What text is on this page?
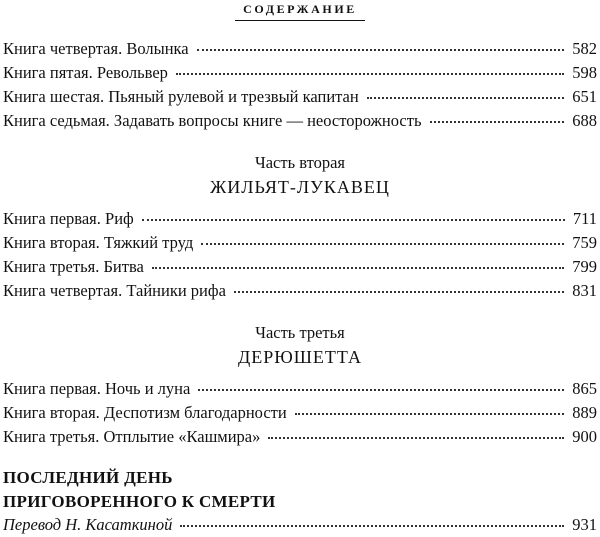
СОДЕРЖАНИЕ
Книга четвертая. Волынка	582
Книга пятая. Револьвер	598
Книга шестая. Пьяный рулевой и трезвый капитан	651
Книга седьмая. Задавать вопросы книге — неосторожность	688
Часть вторая
ЖИЛЬЯТ-ЛУКАВЕЦ
Книга первая. Риф	711
Книга вторая. Тяжкий труд	759
Книга третья. Битва	799
Книга четвертая. Тайники рифа	831
Часть третья
ДЕРЮШЕТТА
Книга первая. Ночь и луна	865
Книга вторая. Деспотизм благодарности	889
Книга третья. Отплытие «Кашмира»	900
ПОСЛЕДНИЙ ДЕНЬ
ПРИГОВОРЕННОГО К СМЕРТИ
Перевод Н. Касаткиной	931
